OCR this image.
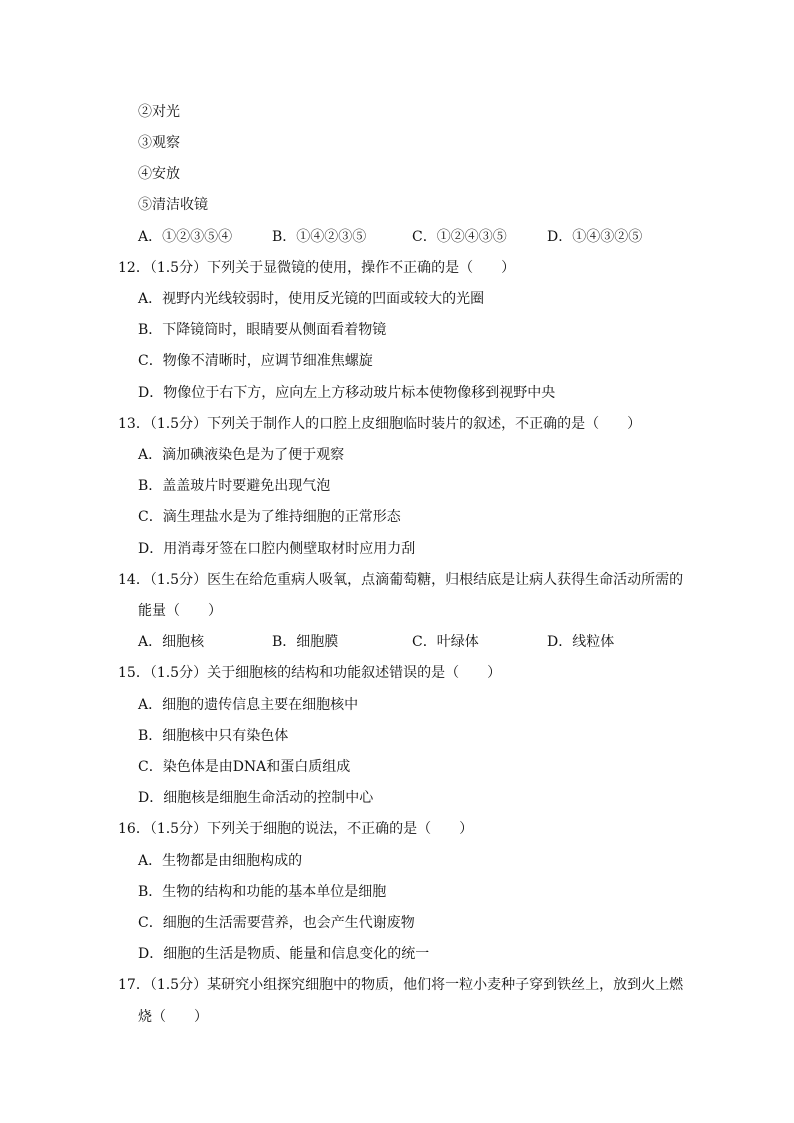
②对光
③观察
④安放
⑤清洁收镜
A．①②③⑤④	B．①④②③⑤	C．①②④③⑤	D．①④③②⑤
12．（1.5分）下列关于显微镜的使用，操作不正确的是（　　）
A．视野内光线较弱时，使用反光镜的凹面或较大的光圈
B．下降镜筒时，眼睛要从侧面看着物镜
C．物像不清晰时，应调节细准焦螺旋
D．物像位于右下方，应向左上方移动玻片标本使物像移到视野中央
13．（1.5分）下列关于制作人的口腔上皮细胞临时装片的叙述，不正确的是（　　）
A．滴加碘液染色是为了便于观察
B．盖盖玻片时要避免出现气泡
C．滴生理盐水是为了维持细胞的正常形态
D．用消毒牙签在口腔内侧壁取材时应用力刮
14．（1.5分）医生在给危重病人吸氧，点滴葡萄糖，归根结底是让病人获得生命活动所需的
能量（　　）
A．细胞核	B．细胞膜	C．叶绿体	D．线粒体
15．（1.5分）关于细胞核的结构和功能叙述错误的是（　　）
A．细胞的遗传信息主要在细胞核中
B．细胞核中只有染色体
C．染色体是由DNA和蛋白质组成
D．细胞核是细胞生命活动的控制中心
16．（1.5分）下列关于细胞的说法，不正确的是（　　）
A．生物都是由细胞构成的
B．生物的结构和功能的基本单位是细胞
C．细胞的生活需要营养，也会产生代谢废物
D．细胞的生活是物质、能量和信息变化的统一
17．（1.5分）某研究小组探究细胞中的物质，他们将一粒小麦种子穿到铁丝上，放到火上燃
烧（　　）
